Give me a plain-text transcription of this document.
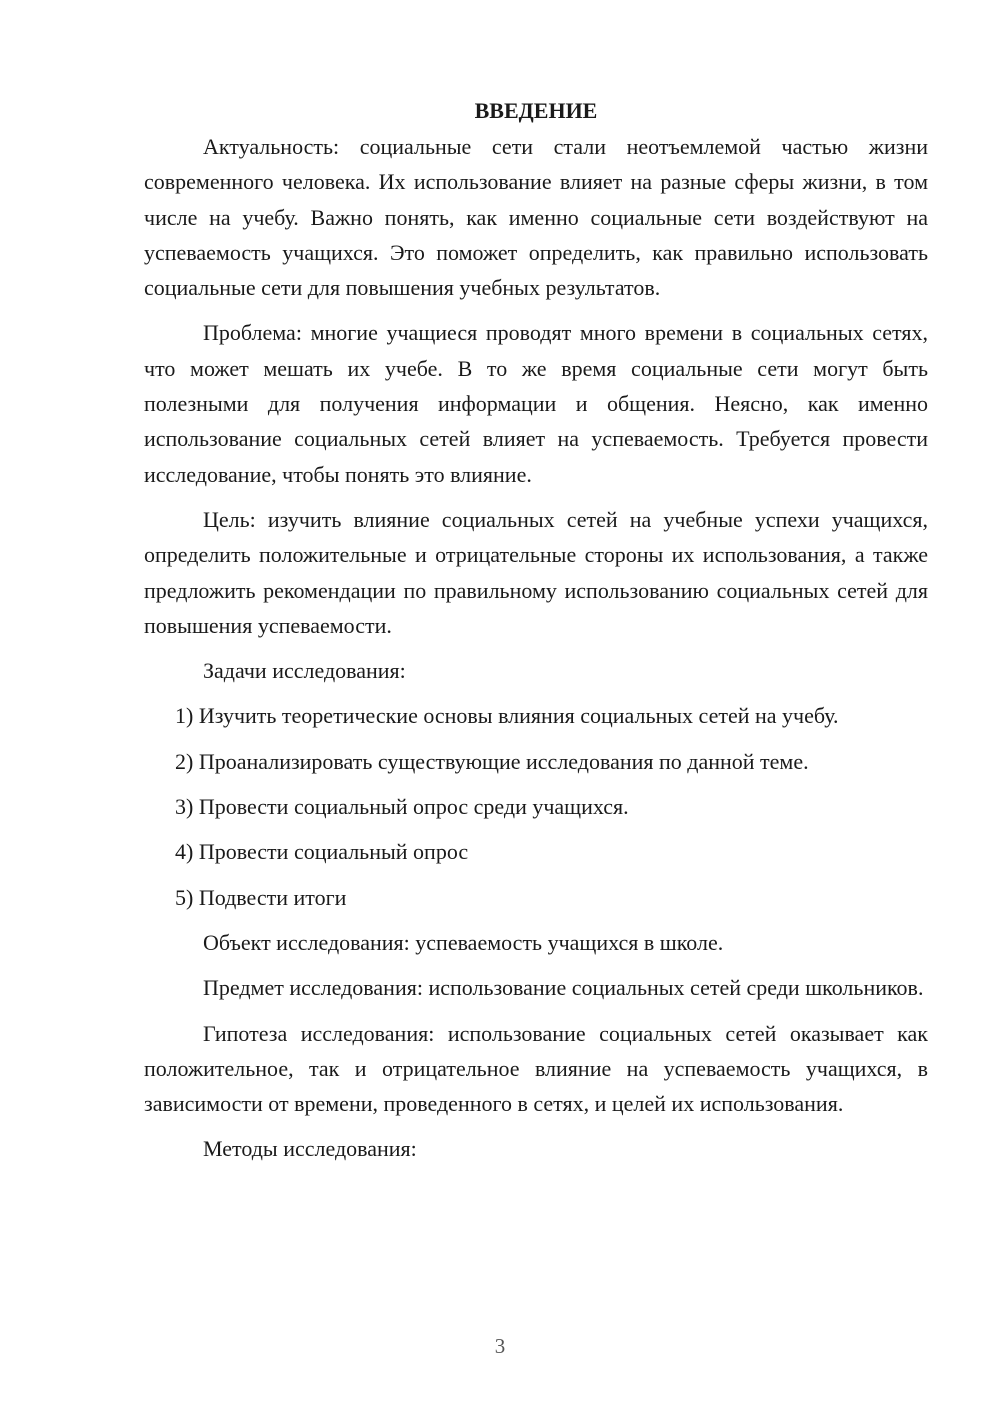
ВВЕДЕНИЕ

Актуальность: социальные сети стали неотъемлемой частью жизни современного человека. Их использование влияет на разные сферы жизни, в том числе на учебу. Важно понять, как именно социальные сети воздействуют на успеваемость учащихся. Это поможет определить, как правильно использовать социальные сети для повышения учебных результатов.

Проблема: многие учащиеся проводят много времени в социальных сетях, что может мешать их учебе. В то же время социальные сети могут быть полезными для получения информации и общения. Неясно, как именно использование социальных сетей влияет на успеваемость. Требуется провести исследование, чтобы понять это влияние.

Цель: изучить влияние социальных сетей на учебные успехи учащихся, определить положительные и отрицательные стороны их использования, а также предложить рекомендации по правильному использованию социальных сетей для повышения успеваемости.

Задачи исследования:

1) Изучить теоретические основы влияния социальных сетей на учебу.
2) Проанализировать существующие исследования по данной теме.
3) Провести социальный опрос среди учащихся.
4) Провести социальный опрос
5) Подвести итоги

Объект исследования: успеваемость учащихся в школе.

Предмет исследования: использование социальных сетей среди школьников.

Гипотеза исследования: использование социальных сетей оказывает как положительное, так и отрицательное влияние на успеваемость учащихся, в зависимости от времени, проведенного в сетях, и целей их использования.

Методы исследования:

3
